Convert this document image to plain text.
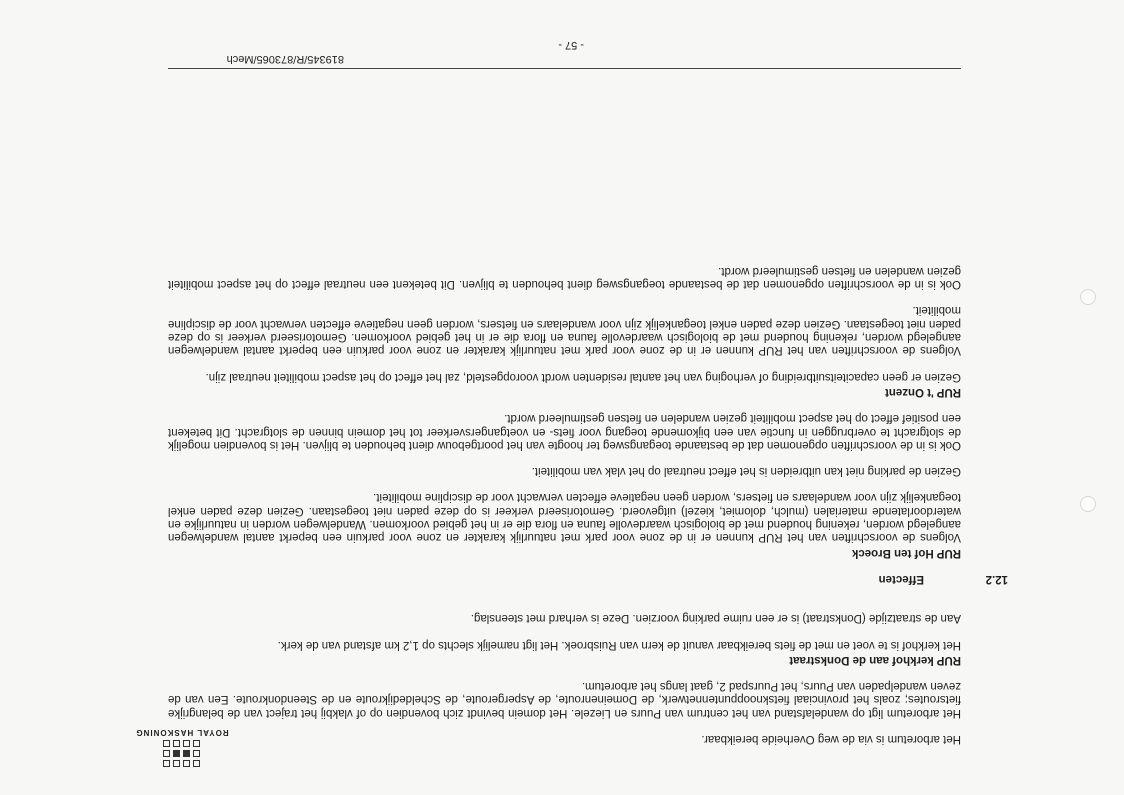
ROYAL HASKONING

Het arboretum is via de weg Overheide bereikbaar.

Het arboretum ligt op wandelafstand van het centrum van Puurs en Liezele. Het domein bevindt zich bovendien op of vlakbij het traject van de belangrijke fietsroutes; zoals het provinciaal fietsknooppuntennetwerk, de Domeinenroute, de Aspergeroute, de Scheldedijkroute en de Steendonkroute. Een van de zeven wandelpaden van Puurs, het Puurspad 2, gaat langs het arboretum.

RUP kerkhof aan de Donkstraat

Het kerkhof is te voet en met de fiets bereikbaar vanuit de kern van Ruisbroek. Het ligt namelijk slechts op 1,2 km afstand van de kerk.

Aan de straatzijde (Donkstraat) is er een ruime parking voorzien. Deze is verhard met steenslag.

12.2
Effecten
RUP Hof ten Broeck

Volgens de voorschriften van het RUP kunnen er in de zone voor park met natuurlijk karakter en zone voor parkuin een beperkt aantal wandelwegen aangelegd worden, rekening houdend met de biologisch waardevolle fauna en flora die er in het gebied voorkomen. Wandelwegen worden in natuurlijke en waterdoorlatende materialen (mulch, dolomiet, kiezel) uitgevoerd. Gemotoriseerd verkeer is op deze paden niet toegestaan. Gezien deze paden enkel toegankelijk zijn voor wandelaars en fietsers, worden geen negatieve effecten verwacht voor de discipline mobiliteit.

Gezien de parking niet kan uitbreiden is het effect neutraal op het vlak van mobiliteit.

Ook is in de voorschriften opgenomen dat de bestaande toegangsweg ter hoogte van het poortgebouw dient behouden te blijven. Het is bovendien mogelijk de slotgracht te overbruggen in functie van een bijkomende toegang voor fiets- en voetgangersverkeer tot het domein binnen de slotgracht. Dit betekent een positief effect op het aspect mobiliteit gezien wandelen en fietsen gestimuleerd wordt.

RUP 't Onzent

Gezien er geen capaciteitsuitbreiding of verhoging van het aantal residenten wordt vooropgesteld, zal het effect op het aspect mobiliteit neutraal zijn.

Volgens de voorschriften van het RUP kunnen er in de zone voor park met natuurlijk karakter en zone voor parkuin een beperkt aantal wandelwegen aangelegd worden, rekening houdend met de biologisch waardevolle fauna en flora die er in het gebied voorkomen. Gemotoriseerd verkeer is op deze paden niet toegestaan. Gezien deze paden enkel toegankelijk zijn voor wandelaars en fietsers, worden geen negatieve effecten verwacht voor de discipline mobiliteit.

Ook is in de voorschriften opgenomen dat de bestaande toegangsweg dient behouden te blijven. Dit betekent een neutraal effect op het aspect mobiliteit gezien wandelen en fietsen gestimuleerd wordt.

819345/R/873065/Mech
- 57 -
